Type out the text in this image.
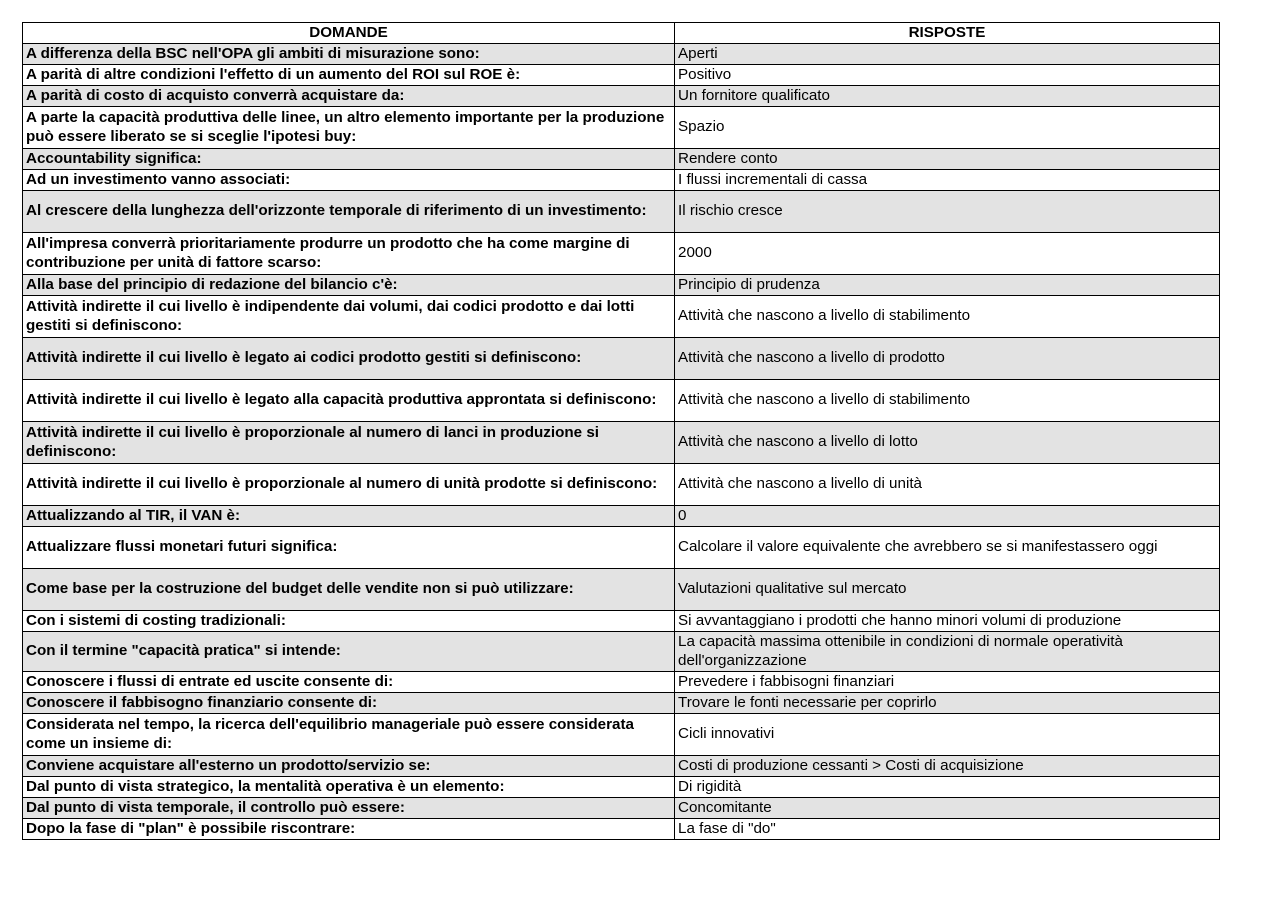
DOMANDE	RISPOSTE
A differenza della BSC nell'OPA gli ambiti di misurazione sono:	Aperti
A parità di altre condizioni l'effetto di un aumento del ROI sul ROE è:	Positivo
A parità di costo di acquisto converrà acquistare da:	Un fornitore qualificato
A parte la capacità produttiva delle linee, un altro elemento importante per la produzione può essere liberato se si sceglie l'ipotesi buy:	Spazio
Accountability significa:	Rendere conto
Ad un investimento vanno associati:	I flussi incrementali di cassa
Al crescere della lunghezza dell'orizzonte temporale di riferimento di un investimento:	Il rischio cresce
All'impresa converrà prioritariamente produrre un prodotto che ha come margine di contribuzione per unità di fattore scarso:	2000
Alla base del principio di redazione del bilancio c'è:	Principio di prudenza
Attività indirette il cui livello è indipendente dai volumi, dai codici prodotto e dai lotti gestiti si definiscono:	Attività che nascono a livello di stabilimento
Attività indirette il cui livello è legato ai codici prodotto gestiti si definiscono:	Attività che nascono a livello di prodotto
Attività indirette il cui livello è legato alla capacità produttiva approntata si definiscono:	Attività che nascono a livello di stabilimento
Attività indirette il cui livello è proporzionale al numero di lanci in produzione si definiscono:	Attività che nascono a livello di lotto
Attività indirette il cui livello è proporzionale al numero di unità prodotte si definiscono:	Attività che nascono a livello di unità
Attualizzando al TIR, il VAN è:	0
Attualizzare flussi monetari futuri significa:	Calcolare il valore equivalente che avrebbero se si manifestassero oggi
Come base per la costruzione del budget delle vendite non si può utilizzare:	Valutazioni qualitative sul mercato
Con i sistemi di costing tradizionali:	Si avvantaggiano i prodotti che hanno minori volumi di produzione
Con il termine "capacità pratica" si intende:	La capacità massima ottenibile in condizioni di normale operatività dell'organizzazione
Conoscere i flussi di entrate ed uscite consente di:	Prevedere i fabbisogni finanziari
Conoscere il fabbisogno finanziario consente di:	Trovare le fonti necessarie per coprirlo
Considerata nel tempo, la ricerca dell'equilibrio manageriale può essere considerata come un insieme di:	Cicli innovativi
Conviene acquistare all'esterno un prodotto/servizio se:	Costi di produzione cessanti > Costi di acquisizione
Dal punto di vista strategico, la mentalità operativa è un elemento:	Di rigidità
Dal punto di vista temporale, il controllo può essere:	Concomitante
Dopo la fase di "plan" è possibile riscontrare:	La fase di "do"
